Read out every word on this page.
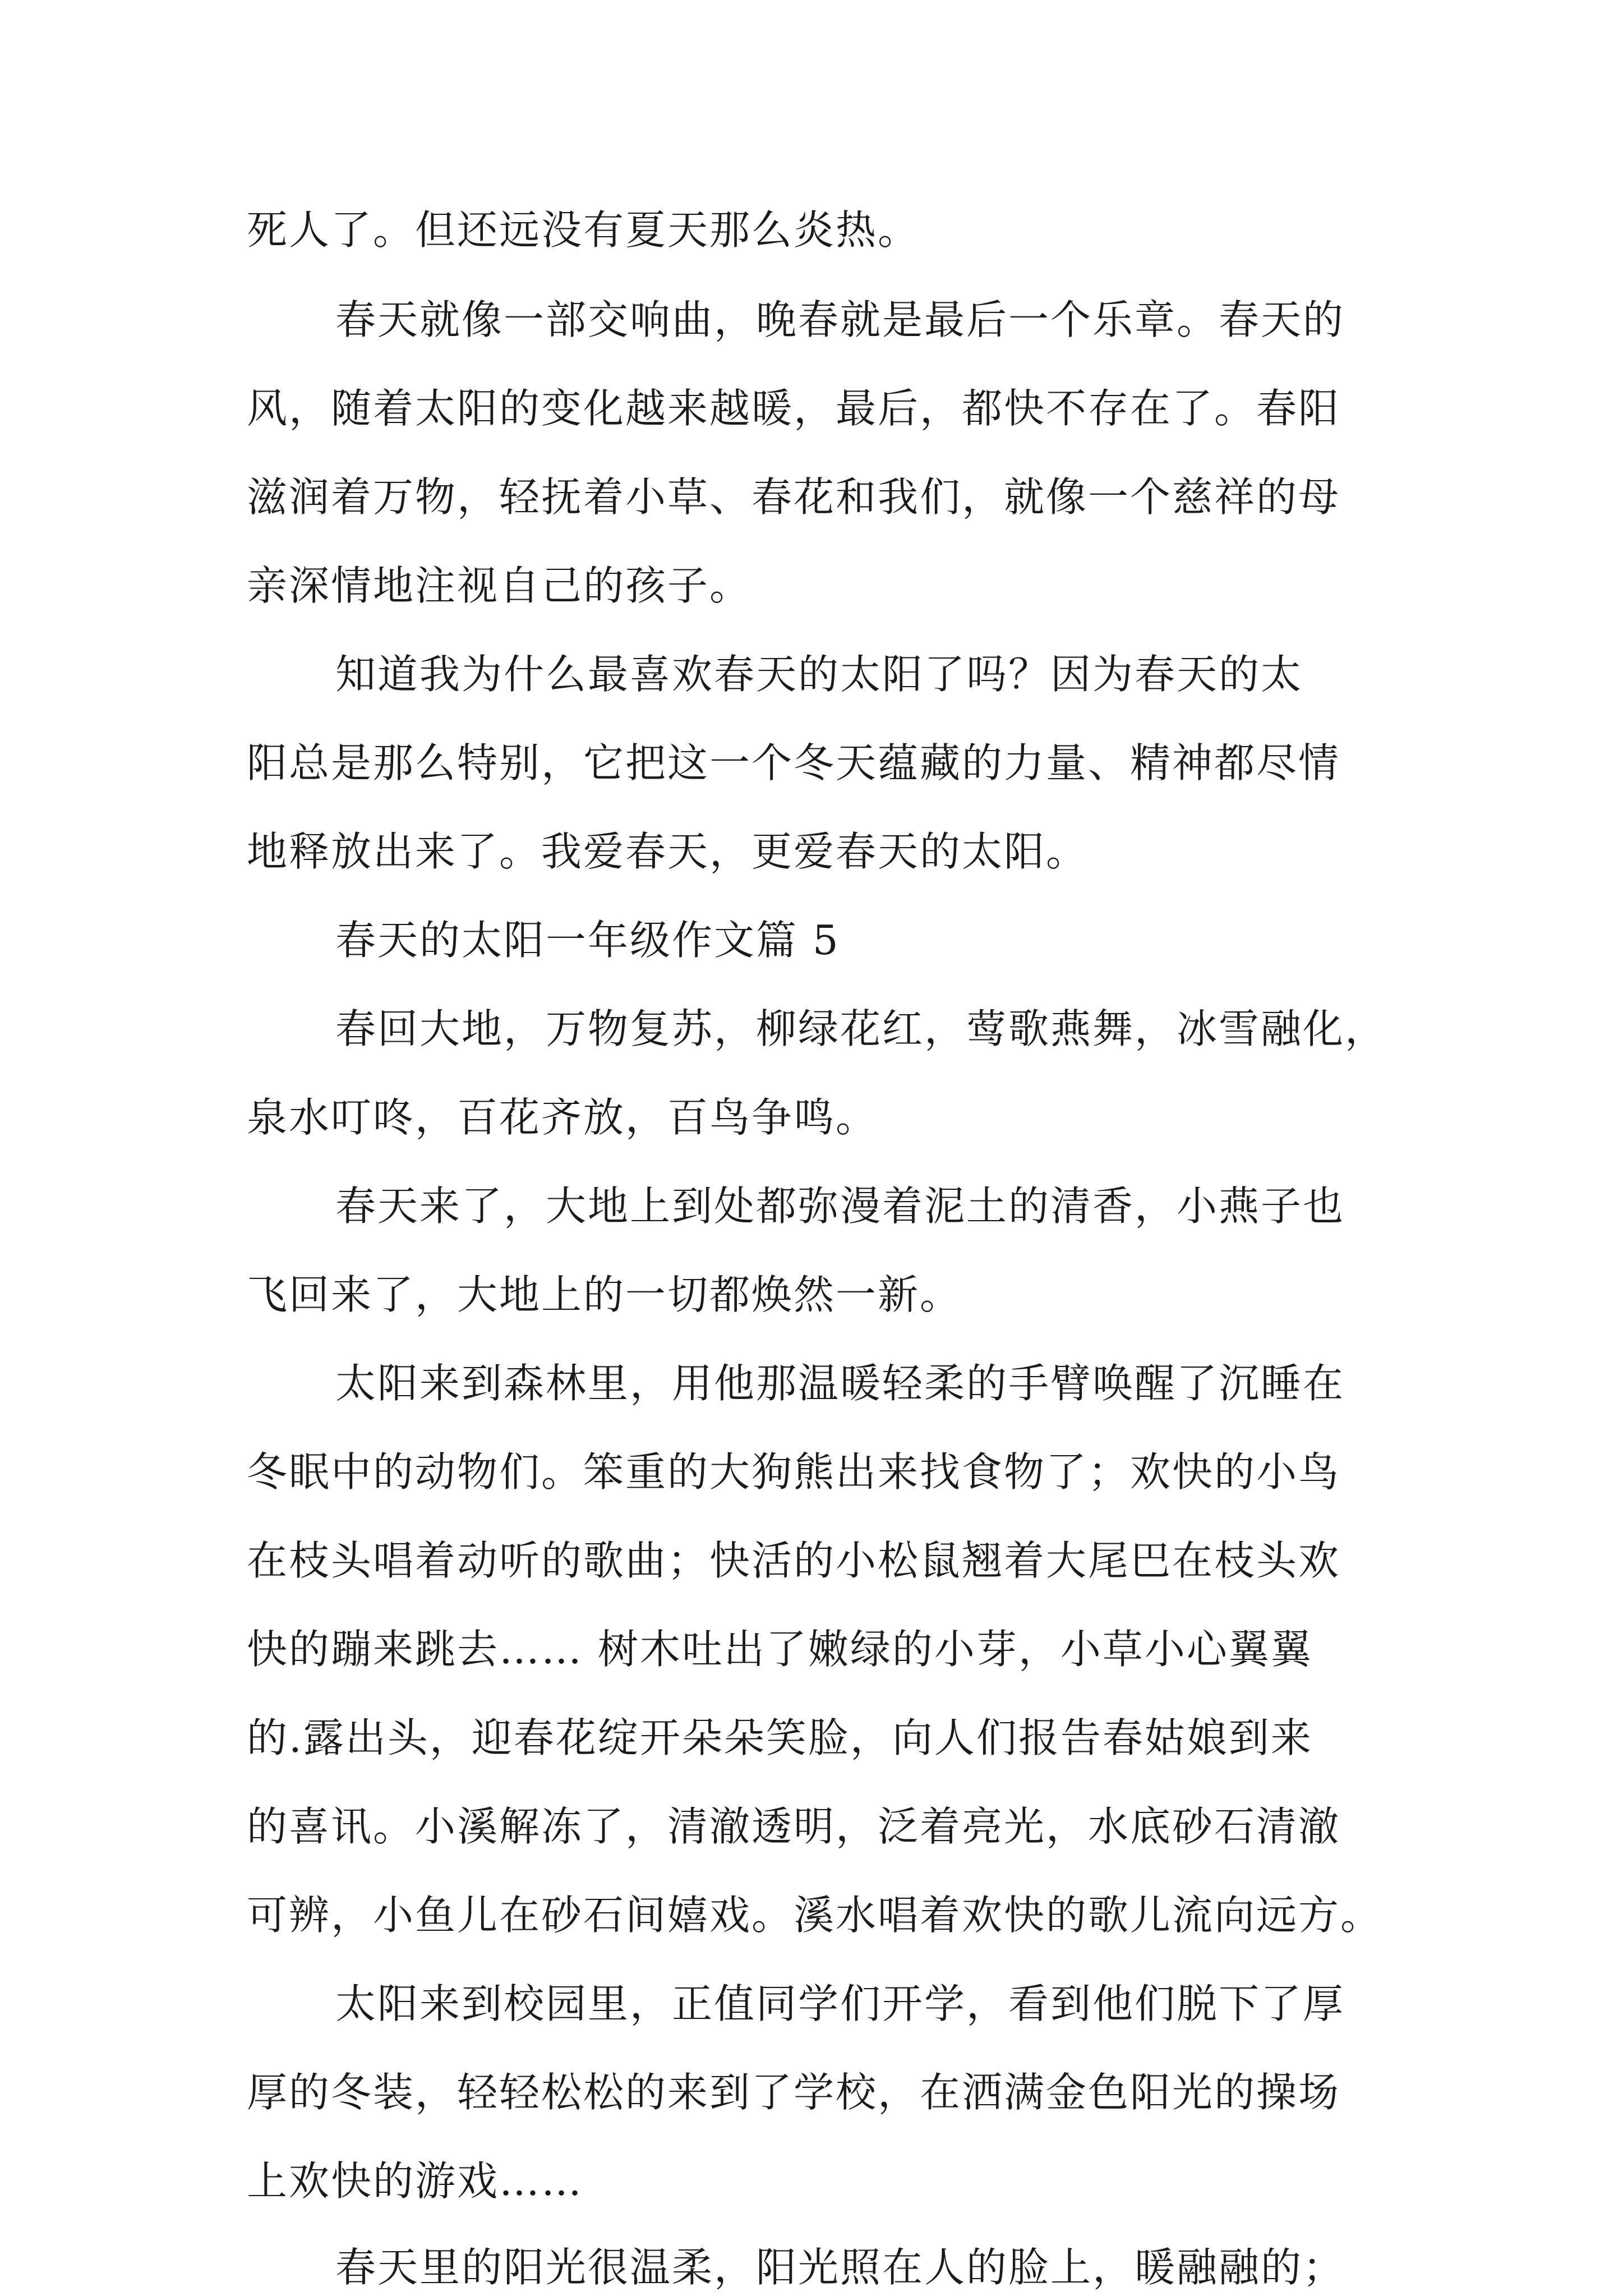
死人了。但还远没有夏天那么炎热。
春天就像一部交响曲，晚春就是最后一个乐章。春天的
风，随着太阳的变化越来越暖，最后，都快不存在了。春阳
滋润着万物，轻抚着小草、春花和我们，就像一个慈祥的母
亲深情地注视自己的孩子。
知道我为什么最喜欢春天的太阳了吗？因为春天的太
阳总是那么特别，它把这一个冬天蕴藏的力量、精神都尽情
地释放出来了。我爱春天，更爱春天的太阳。
春天的太阳一年级作文篇 5
春回大地，万物复苏，柳绿花红，莺歌燕舞，冰雪融化，
泉水叮咚，百花齐放，百鸟争鸣。
春天来了，大地上到处都弥漫着泥土的清香，小燕子也
飞回来了，大地上的一切都焕然一新。
太阳来到森林里，用他那温暖轻柔的手臂唤醒了沉睡在
冬眠中的动物们。笨重的大狗熊出来找食物了；欢快的小鸟
在枝头唱着动听的歌曲；快活的小松鼠翘着大尾巴在枝头欢
快的蹦来跳去…… 树木吐出了嫩绿的小芽，小草小心翼翼
的.露出头，迎春花绽开朵朵笑脸，向人们报告春姑娘到来
的喜讯。小溪解冻了，清澈透明，泛着亮光，水底砂石清澈
可辨，小鱼儿在砂石间嬉戏。溪水唱着欢快的歌儿流向远方。
太阳来到校园里，正值同学们开学，看到他们脱下了厚
厚的冬装，轻轻松松的来到了学校，在洒满金色阳光的操场
上欢快的游戏……
春天里的阳光很温柔，阳光照在人的脸上，暖融融的；
